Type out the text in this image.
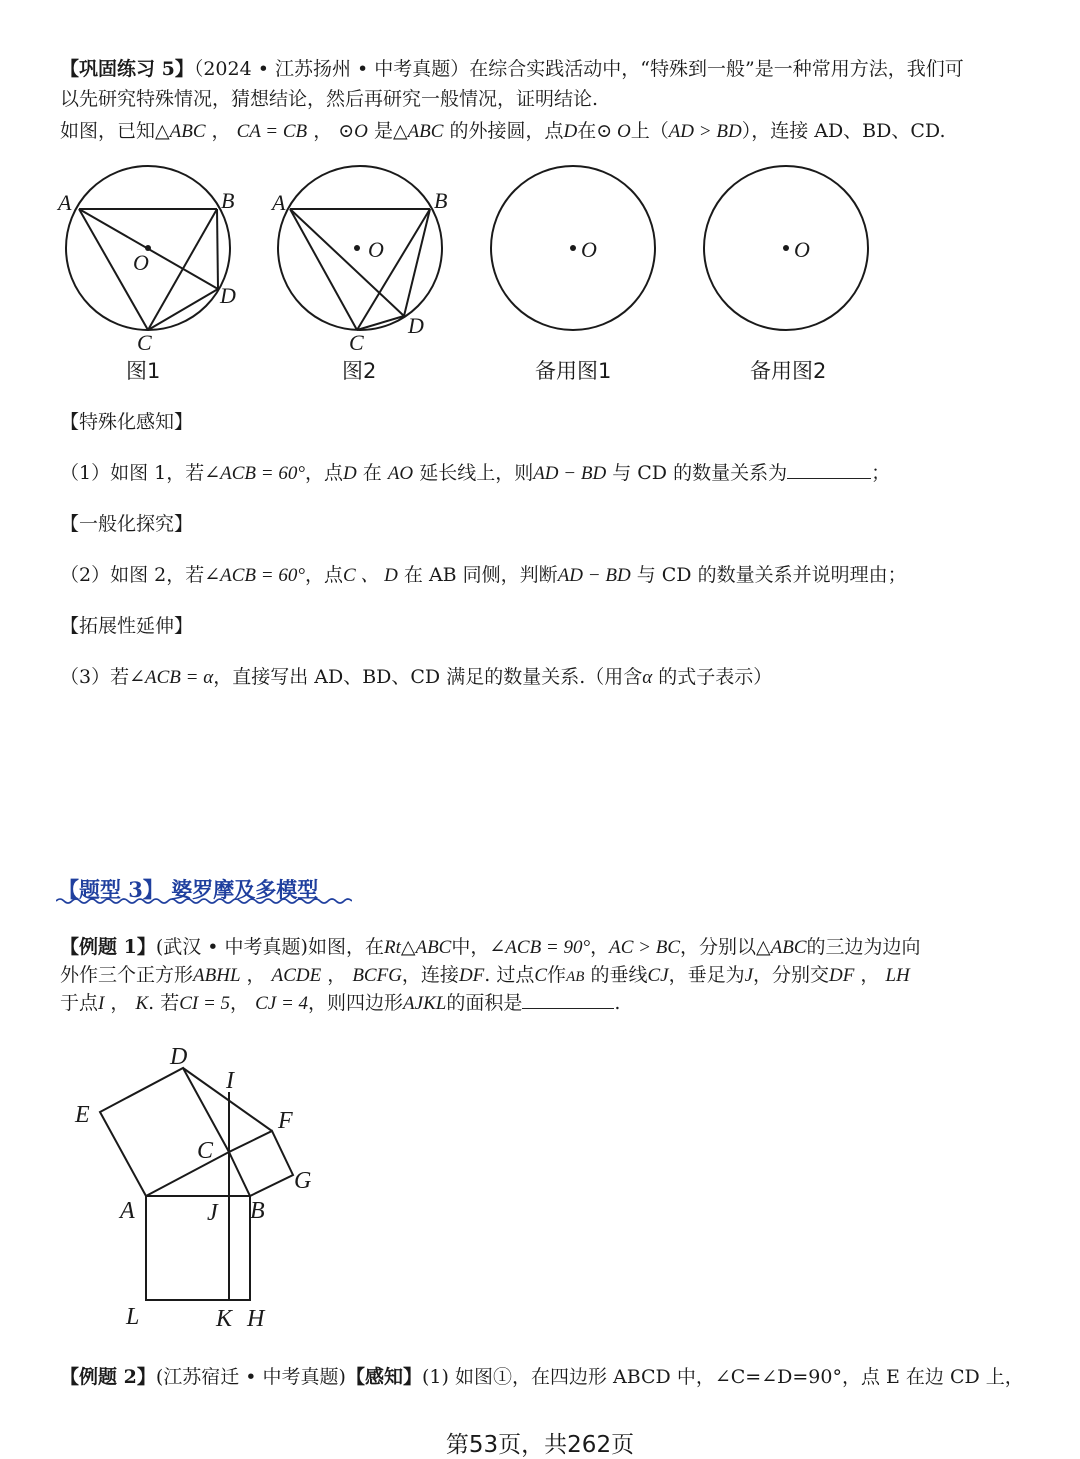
【巩固练习 5】（2024 • 江苏扬州 • 中考真题）在综合实践活动中，“特殊到一般”是一种常用方法，我们可
以先研究特殊情况，猜想结论，然后再研究一般情况，证明结论.
如图，已知△ABC ， CA = CB ， ⊙O 是△ABC 的外接圆，点D在⊙ O上（AD > BD），连接 AD、BD、CD.
A	B
O
D
C
A	B
O
D
C
O	O
图1	图2	备用图1	备用图2
【特殊化感知】
（1）如图 1，若∠ACB = 60°，点D 在 AO 延长线上，则AD − BD 与 CD 的数量关系为	；
【一般化探究】
（2）如图 2，若∠ACB = 60°，点C 、 D 在 AB 同侧，判断AD − BD 与 CD 的数量关系并说明理由；
【拓展性延伸】
（3）若∠ACB = α，直接写出 AD、BD、CD 满足的数量关系.（用含α 的式子表示）
【题型 3】 婆罗摩及多模型
【例题 1】(武汉 • 中考真题)如图，在Rt△ABC中，∠ACB = 90°，AC > BC，分别以△ABC的三边为边向
外作三个正方形ABHL ， ACDE ， BCFG，连接DF. 过点C作AB 的垂线CJ，垂足为J，分别交DF ， LH
于点I ， K. 若CI = 5， CJ = 4，则四边形AJKL的面积是	.
D
I
E	F
C
G
A	J B
L	K H
【例题 2】(江苏宿迁 • 中考真题)【感知】(1) 如图①，在四边形 ABCD 中，∠C=∠D=90°，点 E 在边 CD 上，
第53页，共262页
